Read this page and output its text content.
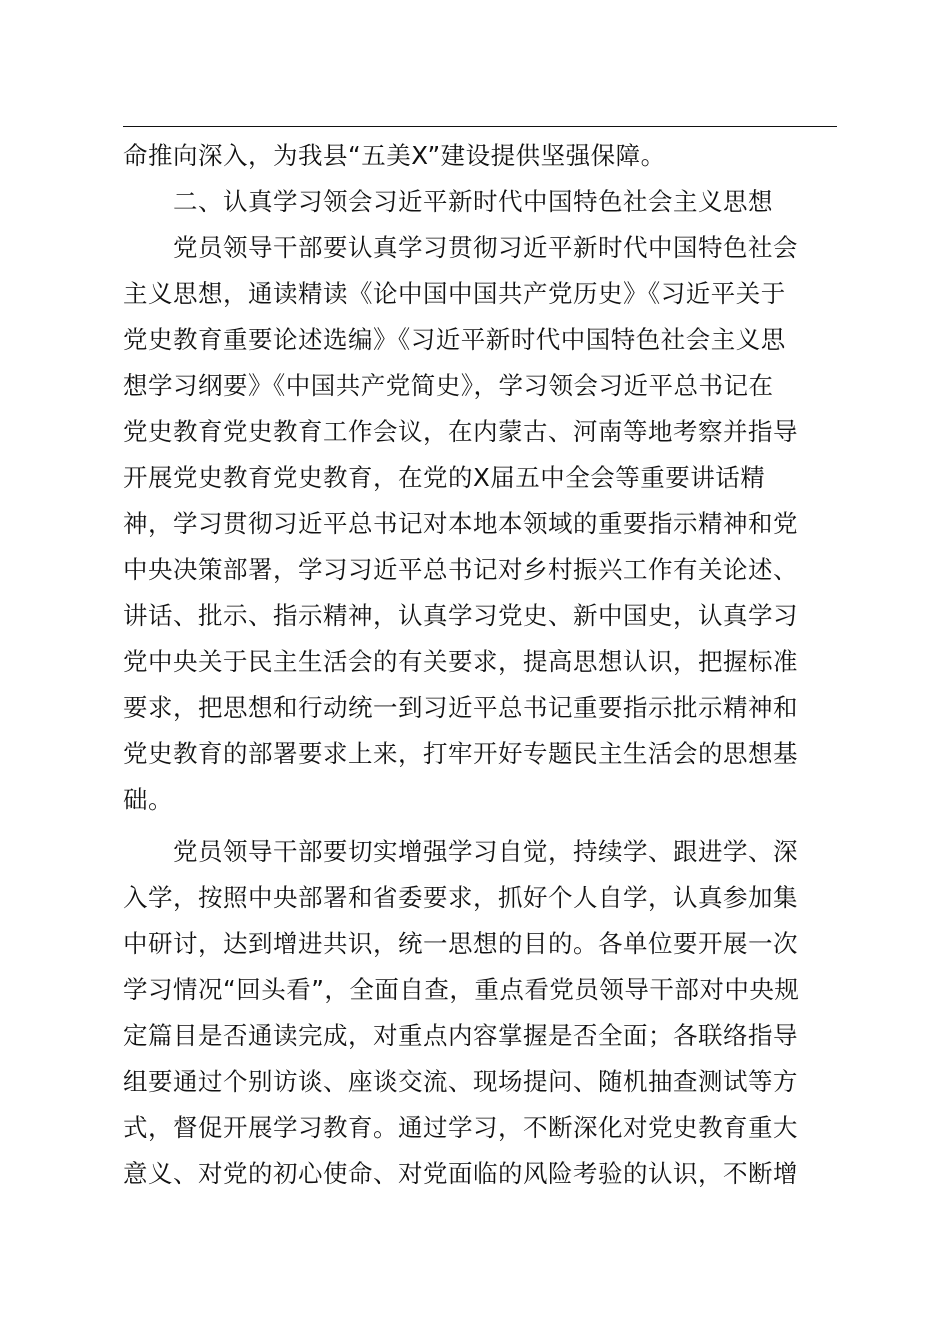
命推向深入，为我县“五美X”建设提供坚强保障。
二、认真学习领会习近平新时代中国特色社会主义思想
党员领导干部要认真学习贯彻习近平新时代中国特色社会
主义思想，通读精读《论中国中国共产党历史》《习近平关于
党史教育重要论述选编》《习近平新时代中国特色社会主义思
想学习纲要》《中国共产党简史》，学习领会习近平总书记在
党史教育党史教育工作会议，在内蒙古、河南等地考察并指导
开展党史教育党史教育，在党的X届五中全会等重要讲话精
神，学习贯彻习近平总书记对本地本领域的重要指示精神和党
中央决策部署，学习习近平总书记对乡村振兴工作有关论述、
讲话、批示、指示精神，认真学习党史、新中国史，认真学习
党中央关于民主生活会的有关要求，提高思想认识，把握标准
要求，把思想和行动统一到习近平总书记重要指示批示精神和
党史教育的部署要求上来，打牢开好专题民主生活会的思想基
础。
党员领导干部要切实增强学习自觉，持续学、跟进学、深
入学，按照中央部署和省委要求，抓好个人自学，认真参加集
中研讨，达到增进共识，统一思想的目的。各单位要开展一次
学习情况“回头看”，全面自查，重点看党员领导干部对中央规
定篇目是否通读完成，对重点内容掌握是否全面；各联络指导
组要通过个别访谈、座谈交流、现场提问、随机抽查测试等方
式，督促开展学习教育。通过学习，不断深化对党史教育重大
意义、对党的初心使命、对党面临的风险考验的认识，不断增
